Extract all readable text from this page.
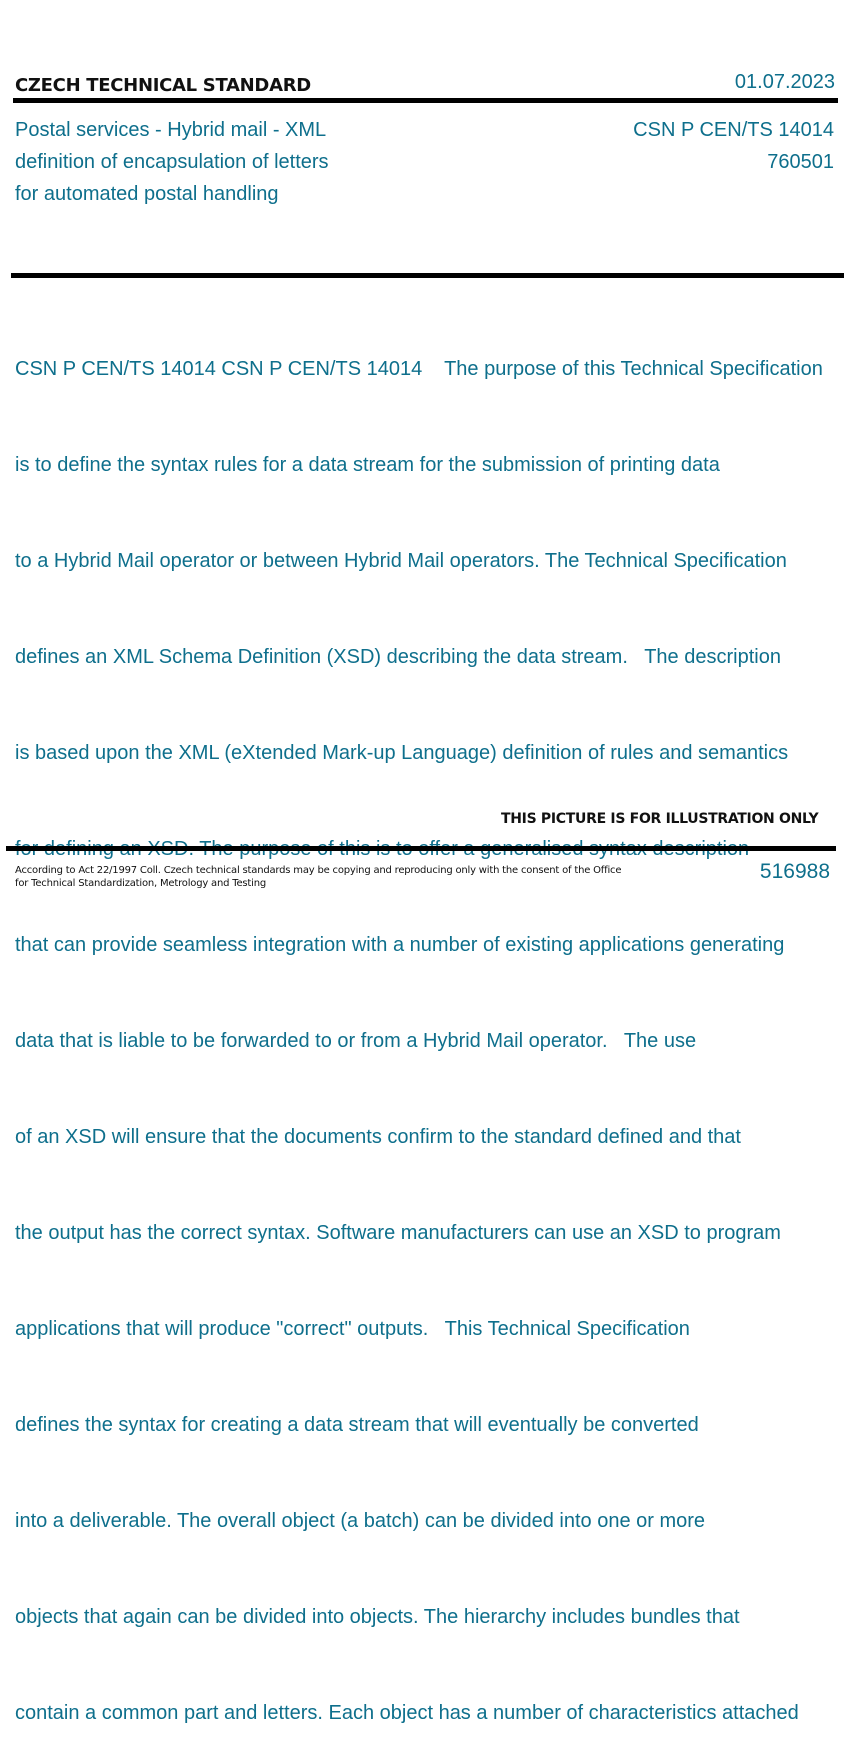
CZECH TECHNICAL STANDARD	01.07.2023
Postal services - Hybrid mail - XML
definition of encapsulation of letters
for automated postal handling
CSN P CEN/TS 14014
760501

CSN P CEN/TS 14014 CSN P CEN/TS 14014    The purpose of this Technical Specification

is to define the syntax rules for a data stream for the submission of printing data

to a Hybrid Mail operator or between Hybrid Mail operators. The Technical Specification

defines an XML Schema Definition (XSD) describing the data stream.   The description

is based upon the XML (eXtended Mark-up Language) definition of rules and semantics

that can provide seamless integration with a number of existing applications generating

data that is liable to be forwarded to or from a Hybrid Mail operator.   The use

of an XSD will ensure that the documents confirm to the standard defined and that

the output has the correct syntax. Software manufacturers can use an XSD to program

applications that will produce "correct" outputs.   This Technical Specification

defines the syntax for creating a data stream that will eventually be converted

into a deliverable. The overall object (a batch) can be divided into one or more

objects that again can be divided into objects. The hierarchy includes bundles that

contain a common part and letters. Each object has a number of characteristics attached

THIS PICTURE IS FOR ILLUSTRATION ONLY
According to Act 22/1997 Coll. Czech technical standards may be copying and reproducing only with the consent of the Office
for Technical Standardization, Metrology and Testing
516988
